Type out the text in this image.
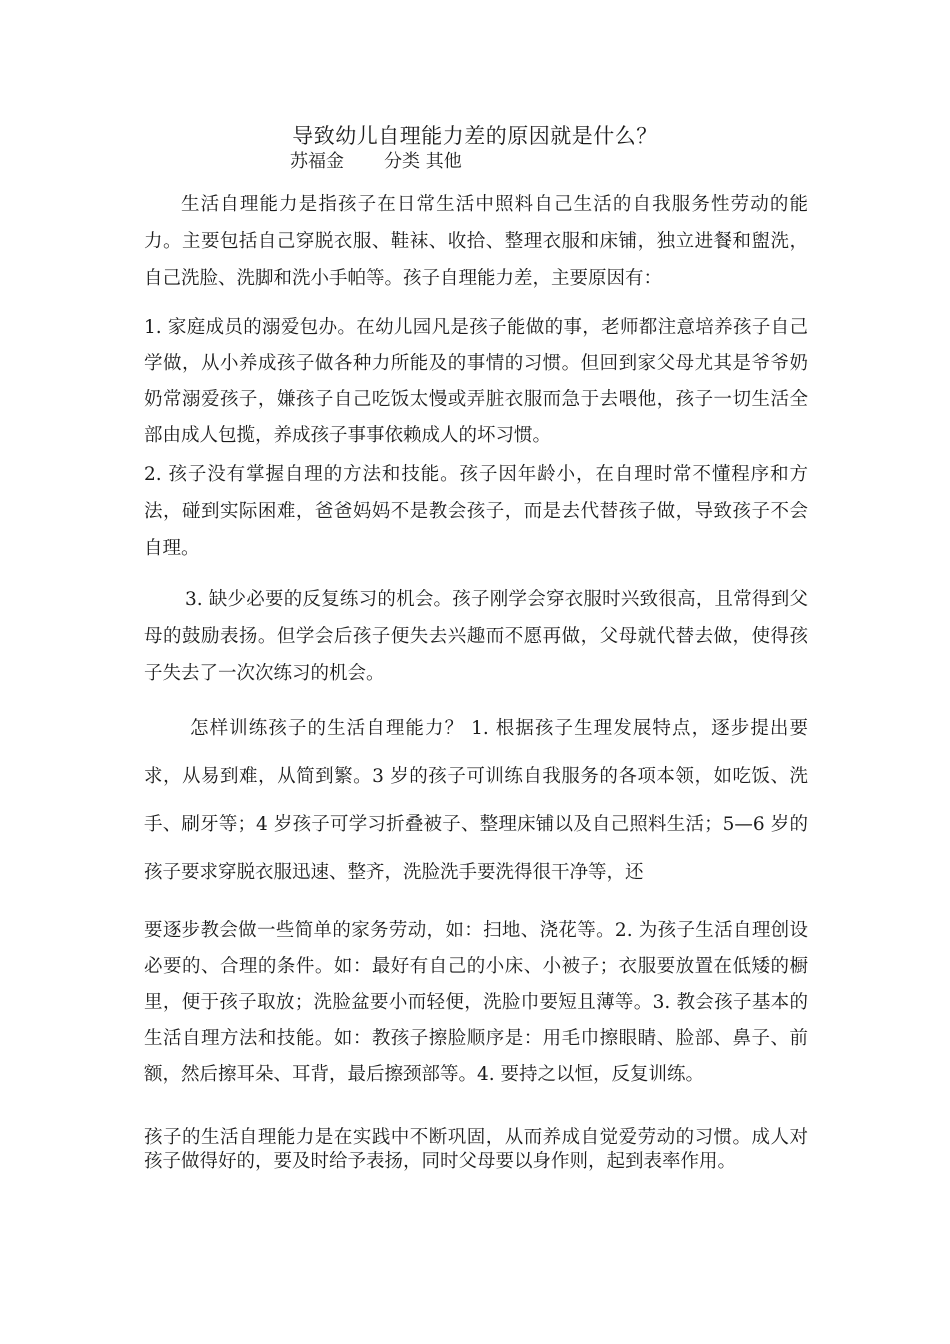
导致幼儿自理能力差的原因就是什么？
苏福金 分类 其他

生活自理能力是指孩子在日常生活中照料自己生活的自我服务性劳动的能力。主要包括自己穿脱衣服、鞋袜、收拾、整理衣服和床铺，独立进餐和盥洗，自己洗脸、洗脚和洗小手帕等。孩子自理能力差，主要原因有：

1. 家庭成员的溺爱包办。在幼儿园凡是孩子能做的事，老师都注意培养孩子自己学做，从小养成孩子做各种力所能及的事情的习惯。但回到家父母尤其是爷爷奶奶常溺爱孩子，嫌孩子自己吃饭太慢或弄脏衣服而急于去喂他，孩子一切生活全部由成人包揽，养成孩子事事依赖成人的坏习惯。

2. 孩子没有掌握自理的方法和技能。孩子因年龄小，在自理时常不懂程序和方法，碰到实际困难，爸爸妈妈不是教会孩子，而是去代替孩子做，导致孩子不会自理。

3. 缺少必要的反复练习的机会。孩子刚学会穿衣服时兴致很高，且常得到父母的鼓励表扬。但学会后孩子便失去兴趣而不愿再做，父母就代替去做，使得孩子失去了一次次练习的机会。

怎样训练孩子的生活自理能力？ 1. 根据孩子生理发展特点，逐步提出要求，从易到难，从简到繁。3 岁的孩子可训练自我服务的各项本领，如吃饭、洗手、刷牙等；4 岁孩子可学习折叠被子、整理床铺以及自己照料生活；5—6 岁的孩子要求穿脱衣服迅速、整齐，洗脸洗手要洗得很干净等，还

要逐步教会做一些简单的家务劳动，如：扫地、浇花等。2. 为孩子生活自理创设必要的、合理的条件。如：最好有自己的小床、小被子；衣服要放置在低矮的橱里，便于孩子取放；洗脸盆要小而轻便，洗脸巾要短且薄等。3. 教会孩子基本的生活自理方法和技能。如：教孩子擦脸顺序是：用毛巾擦眼睛、脸部、鼻子、前额，然后擦耳朵、耳背，最后擦颈部等。4. 要持之以恒，反复训练。

孩子的生活自理能力是在实践中不断巩固，从而养成自觉爱劳动的习惯。成人对孩子做得好的，要及时给予表扬，同时父母要以身作则，起到表率作用。
